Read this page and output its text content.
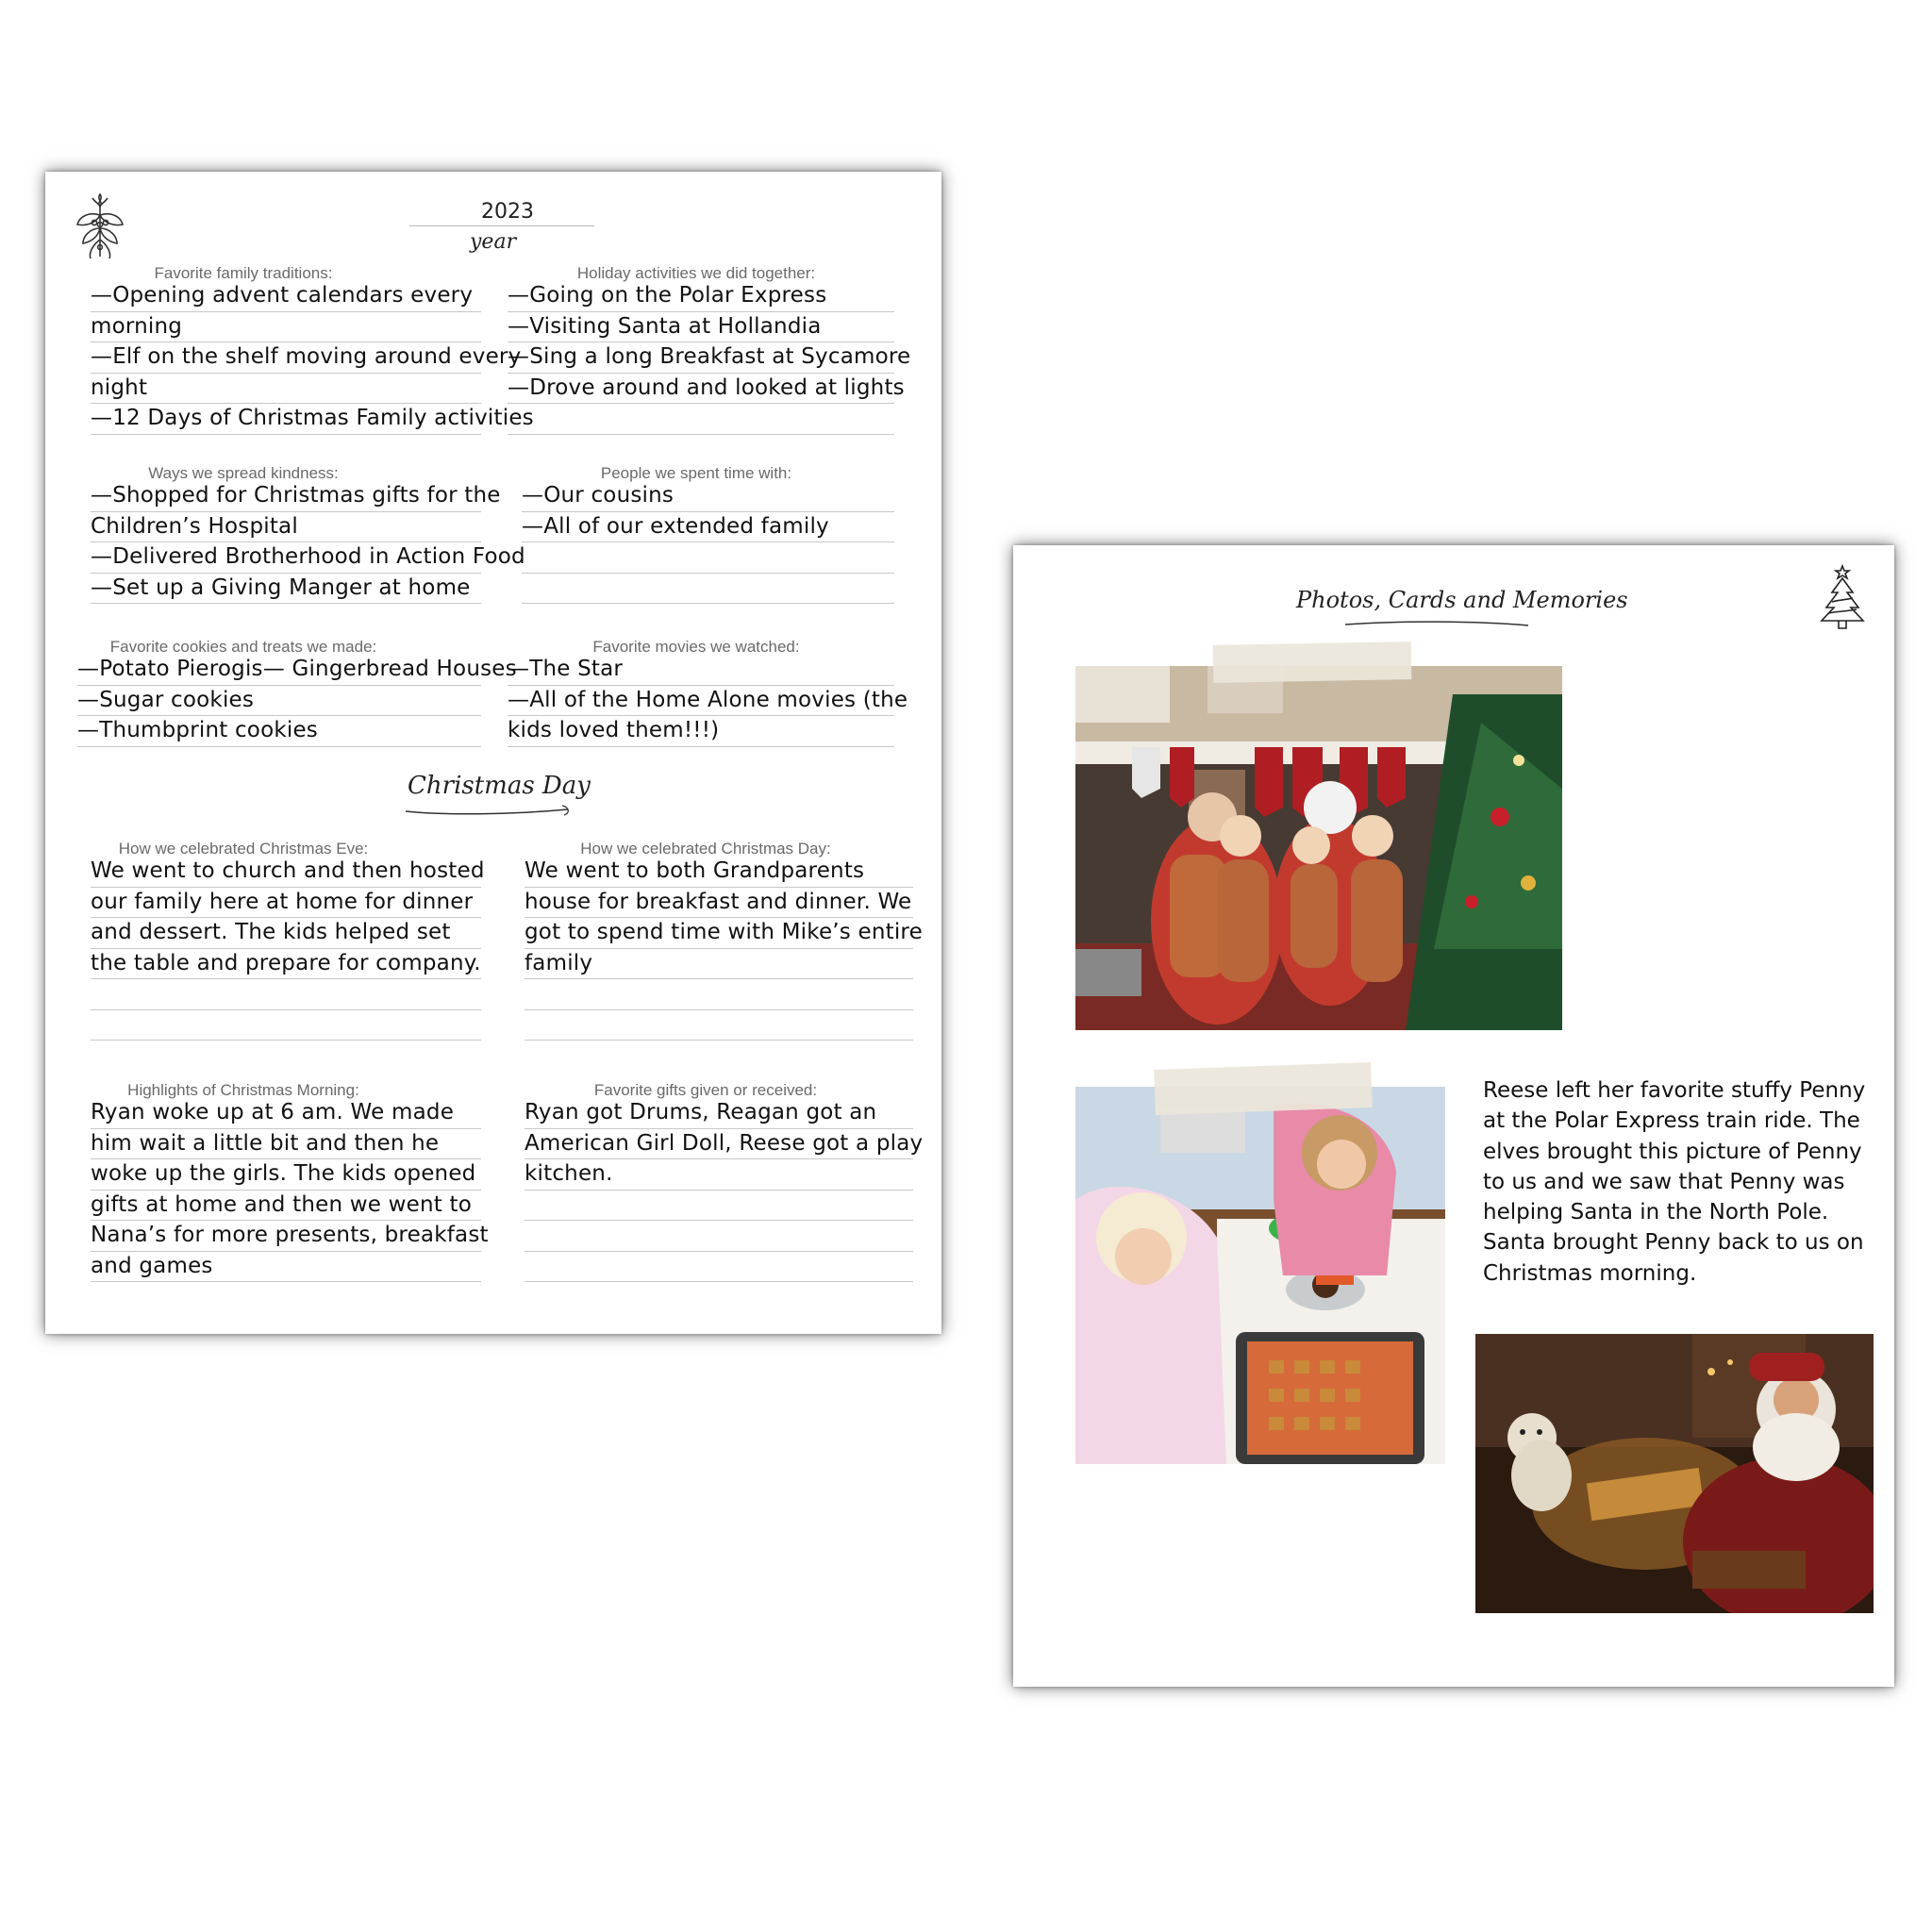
2023
year
Favorite family traditions:
—Opening advent calendars every
morning
—Elf on the shelf moving around every
night
—12 Days of Christmas Family activities
Holiday activities we did together:
—Going on the Polar Express
—Visiting Santa at Hollandia
—Sing a long Breakfast at Sycamore
—Drove around and looked at lights
Ways we spread kindness:
—Shopped for Christmas gifts for the
Children’s Hospital
—Delivered Brotherhood in Action Food
—Set up a Giving Manger at home
People we spent time with:
—Our cousins
—All of our extended family
Favorite cookies and treats we made:
—Potato Pierogis— Gingerbread Houses
—Sugar cookies
—Thumbprint cookies
Favorite movies we watched:
—The Star
—All of the Home Alone movies (the
kids loved them!!!)
Christmas Day
How we celebrated Christmas Eve:
We went to church and then hosted
our family here at home for dinner
and dessert. The kids helped set
the table and prepare for company.
How we celebrated Christmas Day:
We went to both Grandparents
house for breakfast and dinner. We
got to spend time with Mike’s entire
family
Highlights of Christmas Morning:
Ryan woke up at 6 am. We made
him wait a little bit and then he
woke up the girls. The kids opened
gifts at home and then we went to
Nana’s for more presents, breakfast
and games
Favorite gifts given or received:
Ryan got Drums, Reagan got an
American Girl Doll, Reese got a play
kitchen.
Photos, Cards and Memories
Reese left her favorite stuffy Penny
at the Polar Express train ride. The
elves brought this picture of Penny
to us and we saw that Penny was
helping Santa in the North Pole.
Santa brought Penny back to us on
Christmas morning.
